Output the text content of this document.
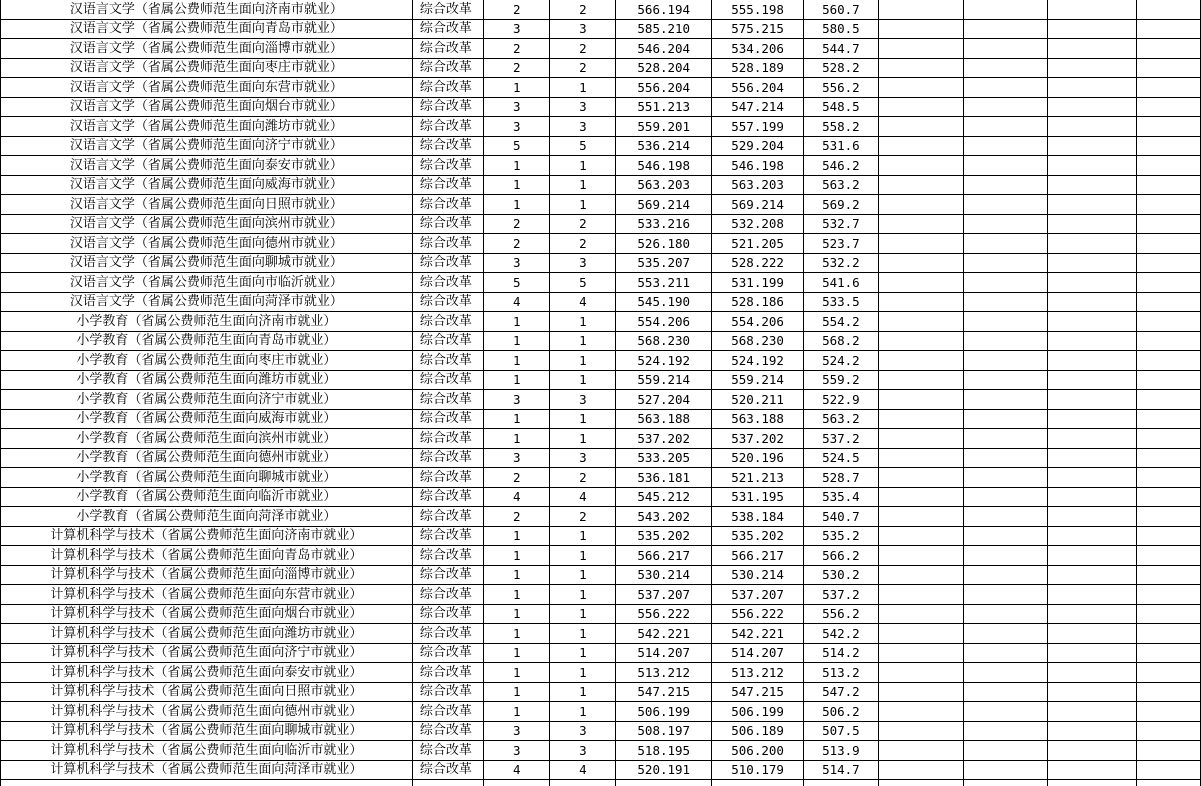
汉语言文学（省属公费师范生面向济南市就业）	综合改革	2	2	566.194	555.198	560.7				
汉语言文学（省属公费师范生面向青岛市就业）	综合改革	3	3	585.210	575.215	580.5				
汉语言文学（省属公费师范生面向淄博市就业）	综合改革	2	2	546.204	534.206	544.7				
汉语言文学（省属公费师范生面向枣庄市就业）	综合改革	2	2	528.204	528.189	528.2				
汉语言文学（省属公费师范生面向东营市就业）	综合改革	1	1	556.204	556.204	556.2				
汉语言文学（省属公费师范生面向烟台市就业）	综合改革	3	3	551.213	547.214	548.5				
汉语言文学（省属公费师范生面向潍坊市就业）	综合改革	3	3	559.201	557.199	558.2				
汉语言文学（省属公费师范生面向济宁市就业）	综合改革	5	5	536.214	529.204	531.6				
汉语言文学（省属公费师范生面向泰安市就业）	综合改革	1	1	546.198	546.198	546.2				
汉语言文学（省属公费师范生面向威海市就业）	综合改革	1	1	563.203	563.203	563.2				
汉语言文学（省属公费师范生面向日照市就业）	综合改革	1	1	569.214	569.214	569.2				
汉语言文学（省属公费师范生面向滨州市就业）	综合改革	2	2	533.216	532.208	532.7				
汉语言文学（省属公费师范生面向德州市就业）	综合改革	2	2	526.180	521.205	523.7				
汉语言文学（省属公费师范生面向聊城市就业）	综合改革	3	3	535.207	528.222	532.2				
汉语言文学（省属公费师范生面向市临沂就业）	综合改革	5	5	553.211	531.199	541.6				
汉语言文学（省属公费师范生面向菏泽市就业）	综合改革	4	4	545.190	528.186	533.5				
小学教育（省属公费师范生面向济南市就业）	综合改革	1	1	554.206	554.206	554.2				
小学教育（省属公费师范生面向青岛市就业）	综合改革	1	1	568.230	568.230	568.2				
小学教育（省属公费师范生面向枣庄市就业）	综合改革	1	1	524.192	524.192	524.2				
小学教育（省属公费师范生面向潍坊市就业）	综合改革	1	1	559.214	559.214	559.2				
小学教育（省属公费师范生面向济宁市就业）	综合改革	3	3	527.204	520.211	522.9				
小学教育（省属公费师范生面向威海市就业）	综合改革	1	1	563.188	563.188	563.2				
小学教育（省属公费师范生面向滨州市就业）	综合改革	1	1	537.202	537.202	537.2				
小学教育（省属公费师范生面向德州市就业）	综合改革	3	3	533.205	520.196	524.5				
小学教育（省属公费师范生面向聊城市就业）	综合改革	2	2	536.181	521.213	528.7				
小学教育（省属公费师范生面向临沂市就业）	综合改革	4	4	545.212	531.195	535.4				
小学教育（省属公费师范生面向菏泽市就业）	综合改革	2	2	543.202	538.184	540.7				
计算机科学与技术（省属公费师范生面向济南市就业）	综合改革	1	1	535.202	535.202	535.2				
计算机科学与技术（省属公费师范生面向青岛市就业）	综合改革	1	1	566.217	566.217	566.2				
计算机科学与技术（省属公费师范生面向淄博市就业）	综合改革	1	1	530.214	530.214	530.2				
计算机科学与技术（省属公费师范生面向东营市就业）	综合改革	1	1	537.207	537.207	537.2				
计算机科学与技术（省属公费师范生面向烟台市就业）	综合改革	1	1	556.222	556.222	556.2				
计算机科学与技术（省属公费师范生面向潍坊市就业）	综合改革	1	1	542.221	542.221	542.2				
计算机科学与技术（省属公费师范生面向济宁市就业）	综合改革	1	1	514.207	514.207	514.2				
计算机科学与技术（省属公费师范生面向泰安市就业）	综合改革	1	1	513.212	513.212	513.2				
计算机科学与技术（省属公费师范生面向日照市就业）	综合改革	1	1	547.215	547.215	547.2				
计算机科学与技术（省属公费师范生面向德州市就业）	综合改革	1	1	506.199	506.199	506.2				
计算机科学与技术（省属公费师范生面向聊城市就业）	综合改革	3	3	508.197	506.189	507.5				
计算机科学与技术（省属公费师范生面向临沂市就业）	综合改革	3	3	518.195	506.200	513.9				
计算机科学与技术（省属公费师范生面向菏泽市就业）	综合改革	4	4	520.191	510.179	514.7				
